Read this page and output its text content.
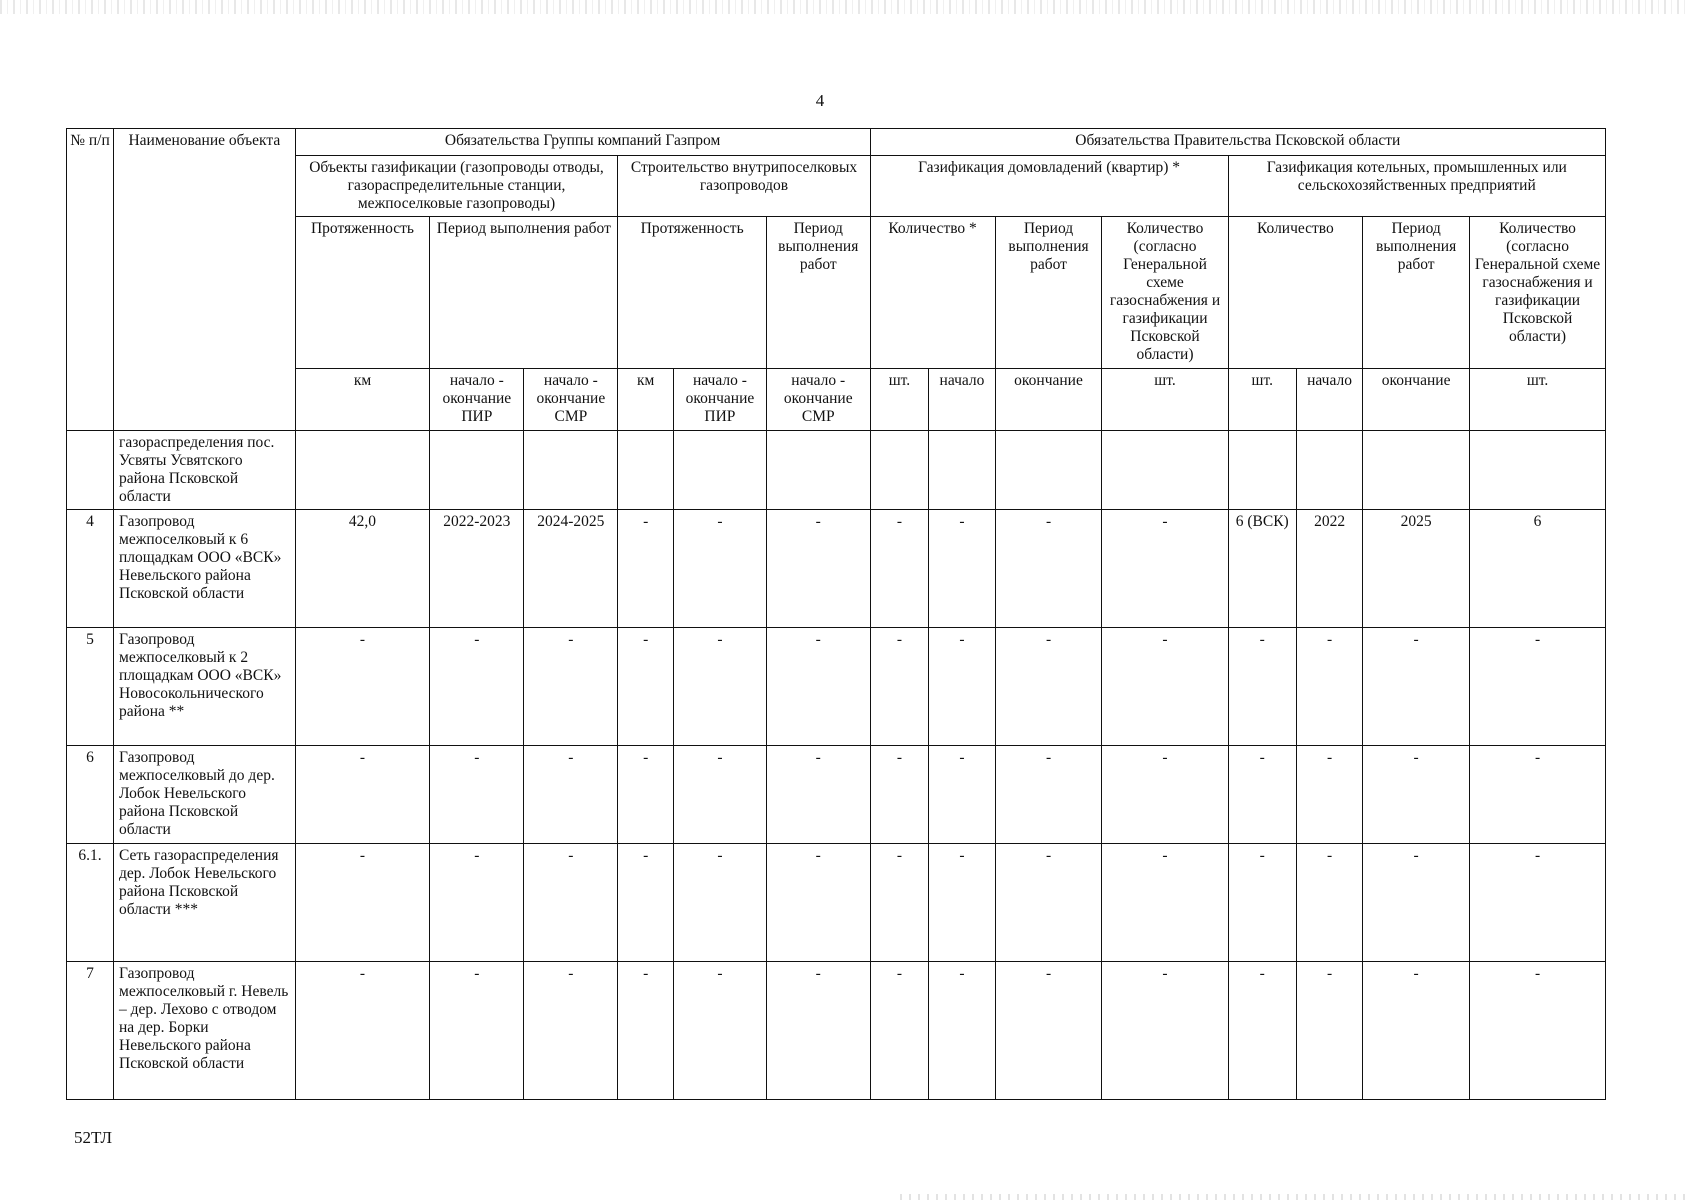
4
№ п/п	Наименование объекта	Обязательства Группы компаний Газпром						Обязательства Правительства Псковской области							
		Объекты газификации (газопроводы отводы, газораспределительные станции, межпоселковые газопроводы)			Строительство внутрипоселковых газопроводов			Газификация домовладений (квартир) *				Газификация котельных, промышленных или сельскохозяйственных предприятий			
		Протяженность	Период выполнения работ		Протяженность		Период выполнения работ	Количество *		Период выполнения работ	Количество (согласно Генеральной схеме газоснабжения и газификации Псковской области)	Количество		Период выполнения работ	Количество (согласно Генеральной схеме газоснабжения и газификации Псковской области)
		км	начало - окончание ПИР	начало - окончание СМР	км	начало - окончание ПИР	начало - окончание СМР	шт.	начало	окончание	шт.	шт.	начало	окончание	шт.
	газораспределения пос. Усвяты Усвятского района Псковской области														
4	Газопровод межпоселковый к 6 площадкам ООО «ВСК» Невельского района Псковской области	42,0	2022-2023	2024-2025	-	-	-	-	-	-	-	6 (ВСК)	2022	2025	6
5	Газопровод межпоселковый к 2 площадкам ООО «ВСК» Новосокольнического района **	-	-	-	-	-	-	-	-	-	-	-	-	-	-
6	Газопровод межпоселковый до дер. Лобок Невельского района Псковской области	-	-	-	-	-	-	-	-	-	-	-	-	-	-
6.1.	Сеть газораспределения дер. Лобок Невельского района Псковской области ***	-	-	-	-	-	-	-	-	-	-	-	-	-	-
7	Газопровод межпоселковый г. Невель – дер. Лехово с отводом на дер. Борки Невельского района Псковской области	-	-	-	-	-	-	-	-	-	-	-	-	-	-
52ТЛ
